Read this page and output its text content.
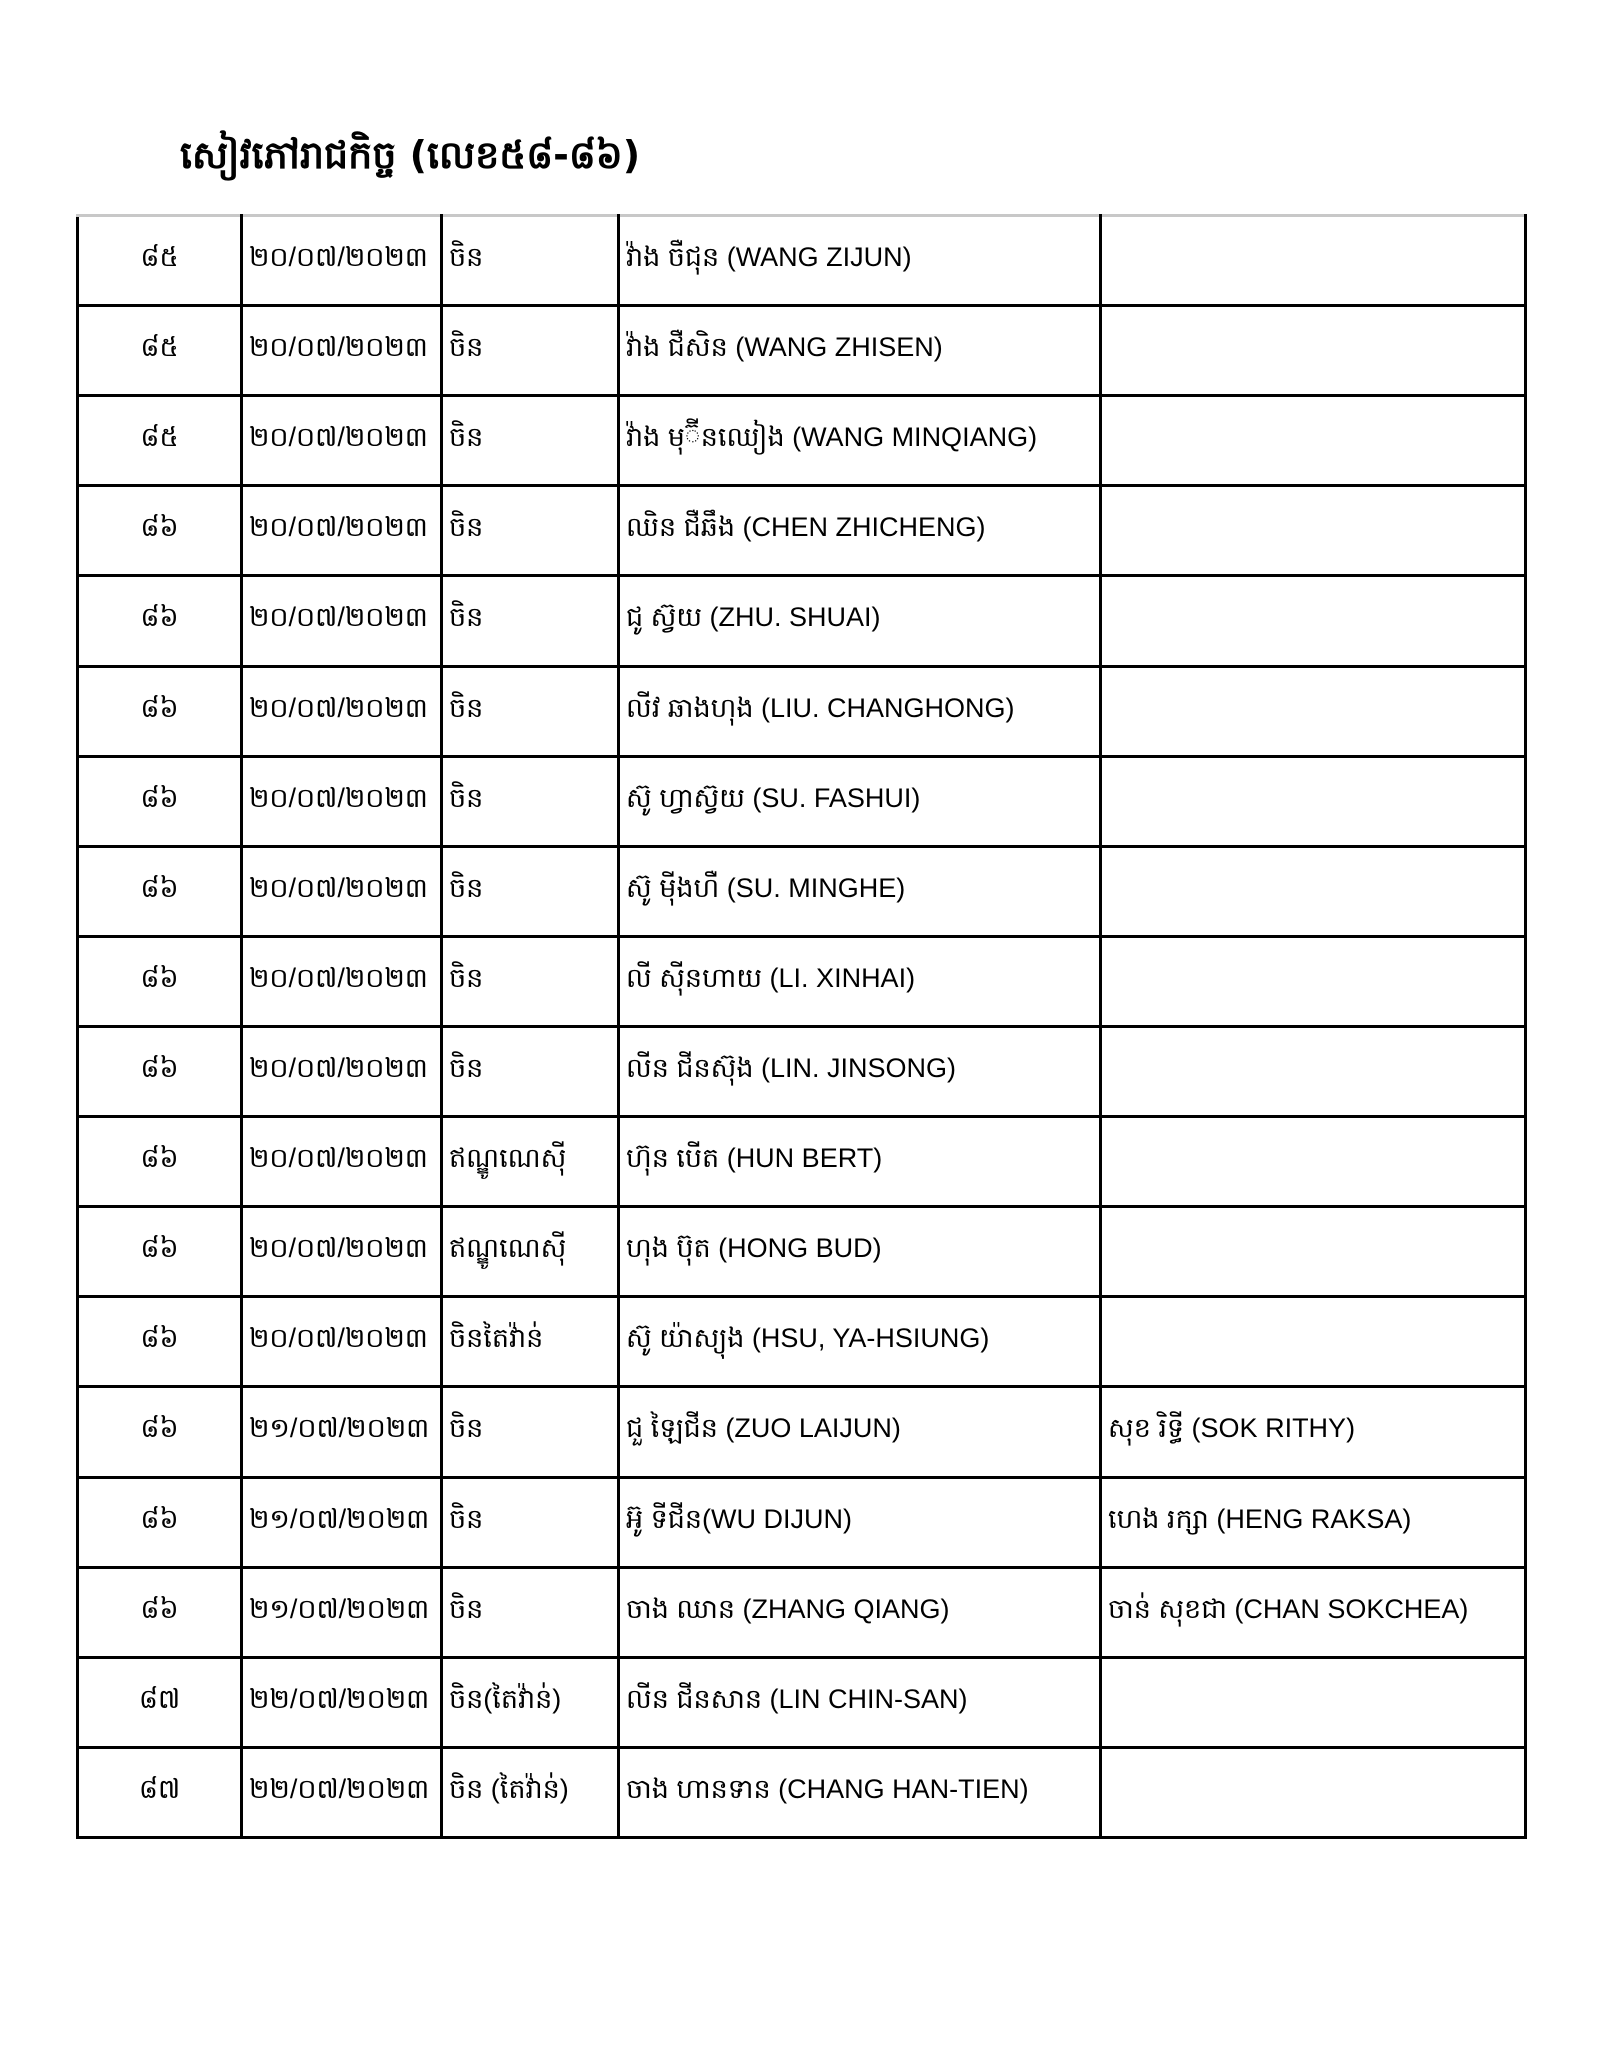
សៀវភៅរាជកិច្ច (លេខ៥៨-៨៦)
៨៥	២០/០៧/២០២៣	ចិន	វ៉ាង ចឺជុន (WANG ZIJUN)	
៨៥	២០/០៧/២០២៣	ចិន	វ៉ាង ជឺសិន (WANG ZHISEN)	
៨៥	២០/០៧/២០២៣	ចិន	វ៉ាង មុ៊ីនឈៀង (WANG MINQIANG)	
៨៦	២០/០៧/២០២៣	ចិន	ឈិន ជឺឆឹង (CHEN ZHICHENG)	
៨៦	២០/០៧/២០២៣	ចិន	ជូ ស៊្វយ (ZHU. SHUAI)	
៨៦	២០/០៧/២០២៣	ចិន	លីវ ឆាងហុង (LIU. CHANGHONG)	
៨៦	២០/០៧/២០២៣	ចិន	ស៊ូ ហ្វាស៊្វយ (SU. FASHUI)	
៨៦	២០/០៧/២០២៣	ចិន	ស៊ូ ម៉ីងហឺ (SU. MINGHE)	
៨៦	២០/០៧/២០២៣	ចិន	លី ស៊ីនហាយ (LI. XINHAI)	
៨៦	២០/០៧/២០២៣	ចិន	លីន ជីនស៊ុង (LIN. JINSONG)	
៨៦	២០/០៧/២០២៣	ឥណ្ឌូណេស៊ី	ហ៊ុន បើត (HUN BERT)	
៨៦	២០/០៧/២០២៣	ឥណ្ឌូណេស៊ី	ហុង ប៊ុត (HONG BUD)	
៨៦	២០/០៧/២០២៣	ចិនតៃវ៉ាន់	ស៊ូ យ៉ាស្យុង (HSU, YA-HSIUNG)	
៨៦	២១/០៧/២០២៣	ចិន	ជួ ឡៃជីន (ZUO LAIJUN)	សុខ រិទ្ធី (SOK RITHY)
៨៦	២១/០៧/២០២៣	ចិន	អ៊ូ ទីជីន(WU DIJUN)	ហេង រក្សា (HENG RAKSA)
៨៦	២១/០៧/២០២៣	ចិន	ចាង ឈាន (ZHANG QIANG)	ចាន់ សុខជា (CHAN SOKCHEA)
៨៧	២២/០៧/២០២៣	ចិន(តៃវ៉ាន់)	លីន ជីនសាន (LIN CHIN-SAN)	
៨៧	២២/០៧/២០២៣	ចិន (តៃវ៉ាន់)	ចាង ហានទាន (CHANG HAN-TIEN)	
